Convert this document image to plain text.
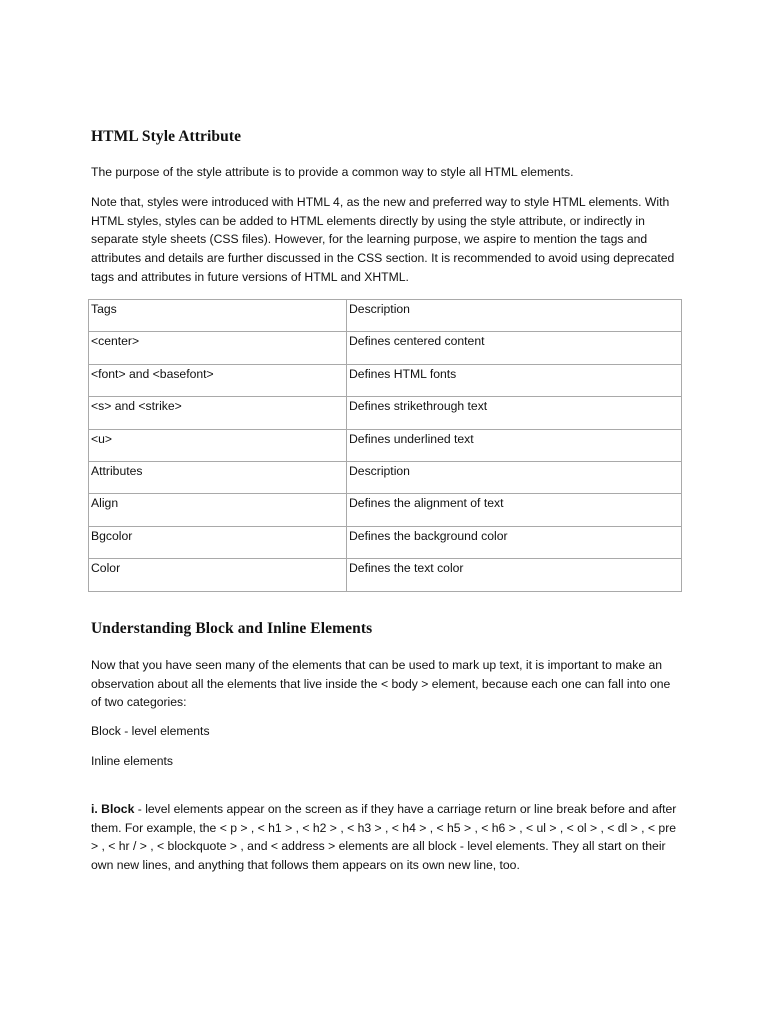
HTML Style Attribute

The purpose of the style attribute is to provide a common way to style all HTML elements.

Note that, styles were introduced with HTML 4, as the new and preferred way to style HTML elements. With HTML styles, styles can be added to HTML elements directly by using the style attribute, or indirectly in separate style sheets (CSS files). However, for the learning purpose, we aspire to mention the tags and attributes and details are further discussed in the CSS section. It is recommended to avoid using deprecated tags and attributes in future versions of HTML and XHTML.

Tags	Description
<center>	Defines centered content
<font> and <basefont>	Defines HTML fonts
<s> and <strike>	Defines strikethrough text
<u>	Defines underlined text
Attributes	Description
Align	Defines the alignment of text
Bgcolor	Defines the background color
Color	Defines the text color
Understanding Block and Inline Elements

Now that you have seen many of the elements that can be used to mark up text, it is important to make an observation about all the elements that live inside the < body > element, because each one can fall into one of two categories:

Block - level elements

Inline elements

i. Block - level elements appear on the screen as if they have a carriage return or line break before and after them. For example, the < p > , < h1 > , < h2 > , < h3 > , < h4 > , < h5 > , < h6 > , < ul > , < ol > , < dl > , < pre > , < hr / > , < blockquote > , and < address > elements are all block - level elements. They all start on their own new lines, and anything that follows them appears on its own new line, too.
